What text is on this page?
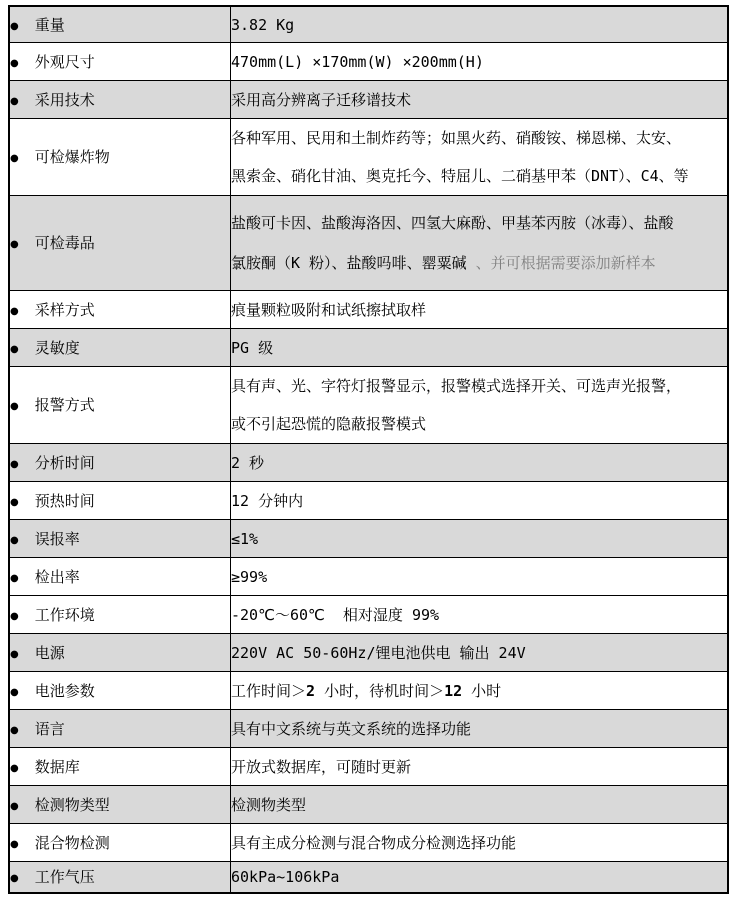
● 重量	3.82 Kg
● 外观尺寸	470mm(L) ×170mm(W) ×200mm(H)
● 采用技术	采用高分辨离子迁移谱技术
● 可检爆炸物	各种军用、民用和土制炸药等；如黑火药、硝酸铵、梯恩梯、太安、
黑索金、硝化甘油、奥克托今、特屈儿、二硝基甲苯（DNT）、C4、等

● 可检毒品	盐酸可卡因、盐酸海洛因、四氢大麻酚、甲基苯丙胺（冰毒）、盐酸
氯胺酮（K 粉）、盐酸吗啡、罂粟碱 、并可根据需要添加新样本

● 采样方式	痕量颗粒吸附和试纸擦拭取样
● 灵敏度	PG 级
● 报警方式	具有声、光、字符灯报警显示，报警模式选择开关、可选声光报警，
或不引起恐慌的隐蔽报警模式

● 分析时间	2 秒
● 预热时间	12 分钟内
● 误报率	≤1%
● 检出率	≥99%
● 工作环境	-20℃～60℃  相对湿度 99%
● 电源	220V AC 50-60Hz/锂电池供电 输出 24V
● 电池参数	工作时间＞2 小时，待机时间＞12 小时
● 语言	具有中文系统与英文系统的选择功能
● 数据库	开放式数据库，可随时更新
● 检测物类型	检测物类型
● 混合物检测	具有主成分检测与混合物成分检测选择功能
● 工作气压	60kPa~106kPa
